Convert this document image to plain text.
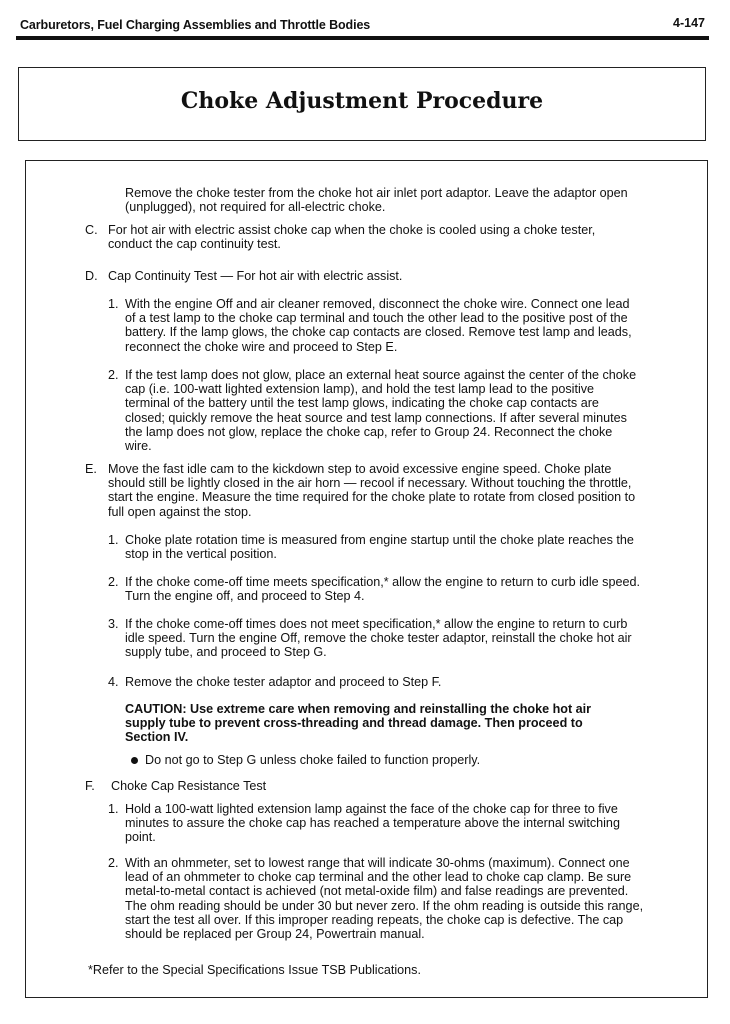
Carburetors, Fuel Charging Assemblies and Throttle Bodies	4-147
Choke Adjustment Procedure

Remove the choke tester from the choke hot air inlet port adaptor. Leave the adaptor open (unplugged), not required for all-electric choke.

C. For hot air with electric assist choke cap when the choke is cooled using a choke tester, conduct the cap continuity test.

D. Cap Continuity Test — For hot air with electric assist.

1. With the engine Off and air cleaner removed, disconnect the choke wire. Connect one lead of a test lamp to the choke cap terminal and touch the other lead to the positive post of the battery. If the lamp glows, the choke cap contacts are closed. Remove test lamp and leads, reconnect the choke wire and proceed to Step E.

2. If the test lamp does not glow, place an external heat source against the center of the choke cap (i.e. 100-watt lighted extension lamp), and hold the test lamp lead to the positive terminal of the battery until the test lamp glows, indicating the choke cap contacts are closed; quickly remove the heat source and test lamp connections. If after several minutes the lamp does not glow, replace the choke cap, refer to Group 24. Reconnect the choke wire.

E. Move the fast idle cam to the kickdown step to avoid excessive engine speed. Choke plate should still be lightly closed in the air horn — recool if necessary. Without touching the throttle, start the engine. Measure the time required for the choke plate to rotate from closed position to full open against the stop.

1. Choke plate rotation time is measured from engine startup until the choke plate reaches the stop in the vertical position.

2. If the choke come-off time meets specification,* allow the engine to return to curb idle speed. Turn the engine off, and proceed to Step 4.

3. If the choke come-off times does not meet specification,* allow the engine to return to curb idle speed. Turn the engine Off, remove the choke tester adaptor, reinstall the choke hot air supply tube, and proceed to Step G.

4. Remove the choke tester adaptor and proceed to Step F.

CAUTION: Use extreme care when removing and reinstalling the choke hot air supply tube to prevent cross-threading and thread damage. Then proceed to Section IV.

Do not go to Step G unless choke failed to function properly.

F. Choke Cap Resistance Test

1. Hold a 100-watt lighted extension lamp against the face of the choke cap for three to five minutes to assure the choke cap has reached a temperature above the internal switching point.

2. With an ohmmeter, set to lowest range that will indicate 30-ohms (maximum). Connect one lead of an ohmmeter to choke cap terminal and the other lead to choke cap clamp. Be sure metal-to-metal contact is achieved (not metal-oxide film) and false readings are prevented. The ohm reading should be under 30 but never zero. If the ohm reading is outside this range, start the test all over. If this improper reading repeats, the choke cap is defective. The cap should be replaced per Group 24, Powertrain manual.

*Refer to the Special Specifications Issue TSB Publications.
